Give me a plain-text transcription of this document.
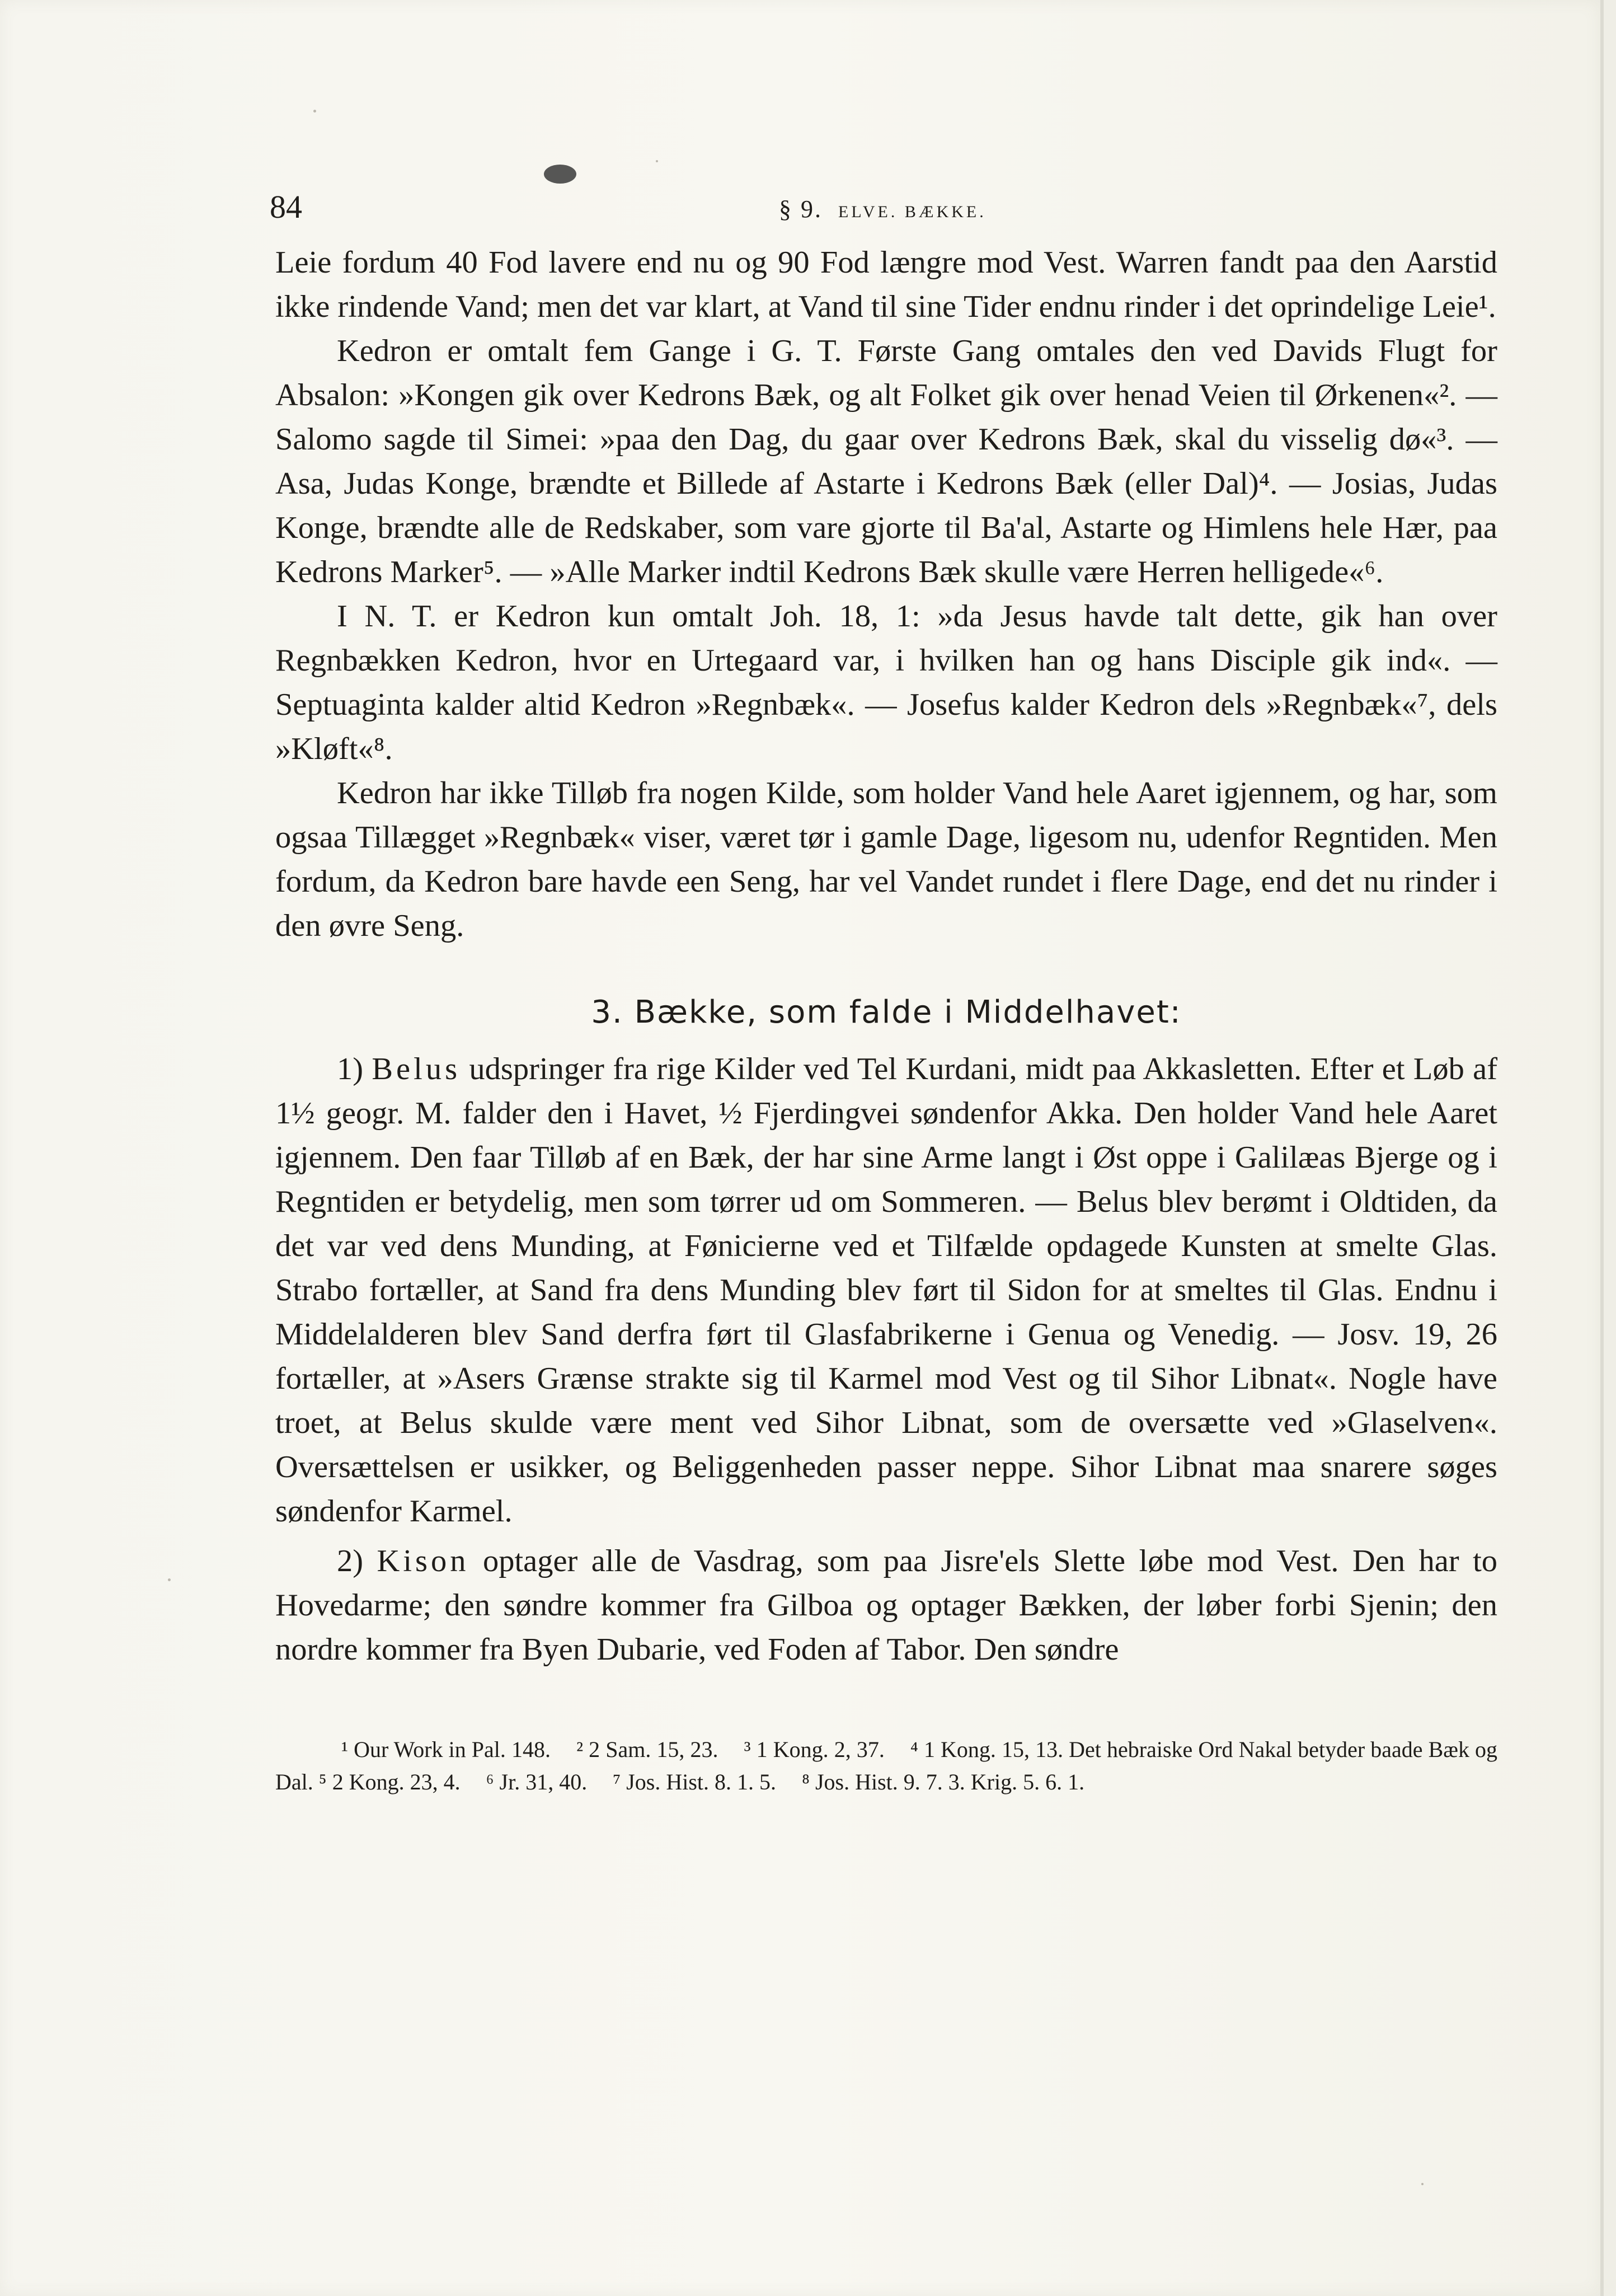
84	§ 9. ELVE. BÆKKE.

Leie fordum 40 Fod lavere end nu og 90 Fod længre mod Vest. Warren fandt paa den Aarstid ikke rindende Vand; men det var klart, at Vand til sine Tider endnu rinder i det oprindelige Leie¹.

Kedron er omtalt fem Gange i G. T. Første Gang omtales den ved Davids Flugt for Absalon: »Kongen gik over Kedrons Bæk, og alt Folket gik over henad Veien til Ørkenen«². — Salomo sagde til Simei: »paa den Dag, du gaar over Kedrons Bæk, skal du visselig dø«³. — Asa, Judas Konge, brændte et Billede af Astarte i Kedrons Bæk (eller Dal)⁴. — Josias, Judas Konge, brændte alle de Redskaber, som vare gjorte til Ba'al, Astarte og Himlens hele Hær, paa Kedrons Marker⁵. — »Alle Marker indtil Kedrons Bæk skulle være Herren helligede«⁶.

I N. T. er Kedron kun omtalt Joh. 18, 1: »da Jesus havde talt dette, gik han over Regnbækken Kedron, hvor en Urtegaard var, i hvilken han og hans Disciple gik ind«. — Septuaginta kalder altid Kedron »Regnbæk«. — Josefus kalder Kedron dels »Regnbæk«⁷, dels »Kløft«⁸.

Kedron har ikke Tilløb fra nogen Kilde, som holder Vand hele Aaret igjennem, og har, som ogsaa Tillægget »Regnbæk« viser, været tør i gamle Dage, ligesom nu, udenfor Regntiden. Men fordum, da Kedron bare havde een Seng, har vel Vandet rundet i flere Dage, end det nu rinder i den øvre Seng.

3. Bække, som falde i Middelhavet:

1) Belus udspringer fra rige Kilder ved Tel Kurdani, midt paa Akkasletten. Efter et Løb af 1½ geogr. M. falder den i Havet, ½ Fjerdingvei søndenfor Akka. Den holder Vand hele Aaret igjennem. Den faar Tilløb af en Bæk, der har sine Arme langt i Øst oppe i Galilæas Bjerge og i Regntiden er betydelig, men som tørrer ud om Sommeren. — Belus blev berømt i Oldtiden, da det var ved dens Munding, at Fønicierne ved et Tilfælde opdagede Kunsten at smelte Glas. Strabo fortæller, at Sand fra dens Munding blev ført til Sidon for at smeltes til Glas. Endnu i Middelalderen blev Sand derfra ført til Glasfabrikerne i Genua og Venedig. — Josv. 19, 26 fortæller, at »Asers Grænse strakte sig til Karmel mod Vest og til Sihor Libnat«. Nogle have troet, at Belus skulde være ment ved Sihor Libnat, som de oversætte ved »Glaselven«. Oversættelsen er usikker, og Beliggenheden passer neppe. Sihor Libnat maa snarere søges søndenfor Karmel.

2) Kison optager alle de Vasdrag, som paa Jisre'els Slette løbe mod Vest. Den har to Hovedarme; den søndre kommer fra Gilboa og optager Bækken, der løber forbi Sjenin; den nordre kommer fra Byen Dubarie, ved Foden af Tabor. Den søndre

¹ Our Work in Pal. 148. ² 2 Sam. 15, 23. ³ 1 Kong. 2, 37. ⁴ 1 Kong. 15, 13. Det hebraiske Ord Nakal betyder baade Bæk og Dal. ⁵ 2 Kong. 23, 4. ⁶ Jr. 31, 40. ⁷ Jos. Hist. 8. 1. 5. ⁸ Jos. Hist. 9. 7. 3. Krig. 5. 6. 1.
